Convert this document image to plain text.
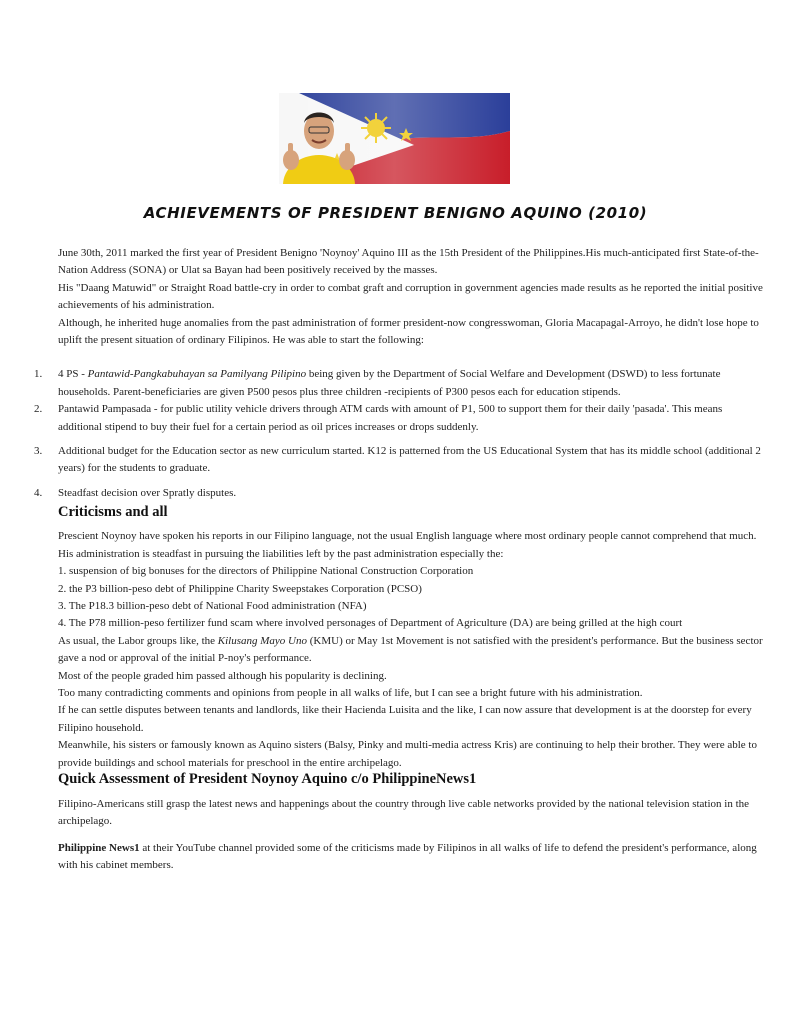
ACHIEVEMENTS OF PRESIDENT BENIGNO AQUINO (2010)

June 30th, 2011 marked the first year of President Benigno 'Noynoy' Aquino III as the 15th President of the Philippines.His much-anticipated first State-of-the-Nation Address (SONA) or Ulat sa Bayan had been positively received by the masses.

His "Daang Matuwid" or Straight Road battle-cry in order to combat graft and corruption in government agencies made results as he reported the initial positive achievements of his administration.

Although, he inherited huge anomalies from the past administration of former president-now congresswoman, Gloria Macapagal-Arroyo, he didn't lose hope to uplift the present situation of ordinary Filipinos. He was able to start the following:

1. 4 PS - Pantawid-Pangkabuhayan sa Pamilyang Pilipino being given by the Department of Social Welfare and Development (DSWD) to less fortunate households. Parent-beneficiaries are given P500 pesos plus three children -recipients of P300 pesos each for education stipends.
2. Pantawid Pampasada - for public utility vehicle drivers through ATM cards with amount of P1, 500 to support them for their daily 'pasada'. This means additional stipend to buy their fuel for a certain period as oil prices increases or drops suddenly.
3. Additional budget for the Education sector as new curriculum started. K12 is patterned from the US Educational System that has its middle school (additional 2 years) for the students to graduate.
4. Steadfast decision over Spratly disputes.
Criticisms and all

Prescient Noynoy have spoken his reports in our Filipino language, not the usual English language where most ordinary people cannot comprehend that much.

His administration is steadfast in pursuing the liabilities left by the past administration especially the:

1. suspension of big bonuses for the directors of Philippine National Construction Corporation

2. the P3 billion-peso debt of Philippine Charity Sweepstakes Corporation (PCSO)

3. The P18.3 billion-peso debt of National Food administration (NFA)

4. The P78 million-peso fertilizer fund scam where involved personages of Department of Agriculture (DA) are being grilled at the high court

As usual, the Labor groups like, the Kilusang Mayo Uno (KMU) or May 1st Movement is not satisfied with the president's performance. But the business sector gave a nod or approval of the initial P-noy's performance.

Most of the people graded him passed although his popularity is declining.

Too many contradicting comments and opinions from people in all walks of life, but I can see a bright future with his administration.

If he can settle disputes between tenants and landlords, like their Hacienda Luisita and the like, I can now assure that development is at the doorstep for every Filipino household.

Meanwhile, his sisters or famously known as Aquino sisters (Balsy, Pinky and multi-media actress Kris) are continuing to help their brother. They were able to provide buildings and school materials for preschool in the entire archipelago.

Quick Assessment of President Noynoy Aquino c/o PhilippineNews1

Filipino-Americans still grasp the latest news and happenings about the country through live cable networks provided by the national television station in the archipelago.

Philippine News1 at their YouTube channel provided some of the criticisms made by Filipinos in all walks of life to defend the president's performance, along with his cabinet members.
